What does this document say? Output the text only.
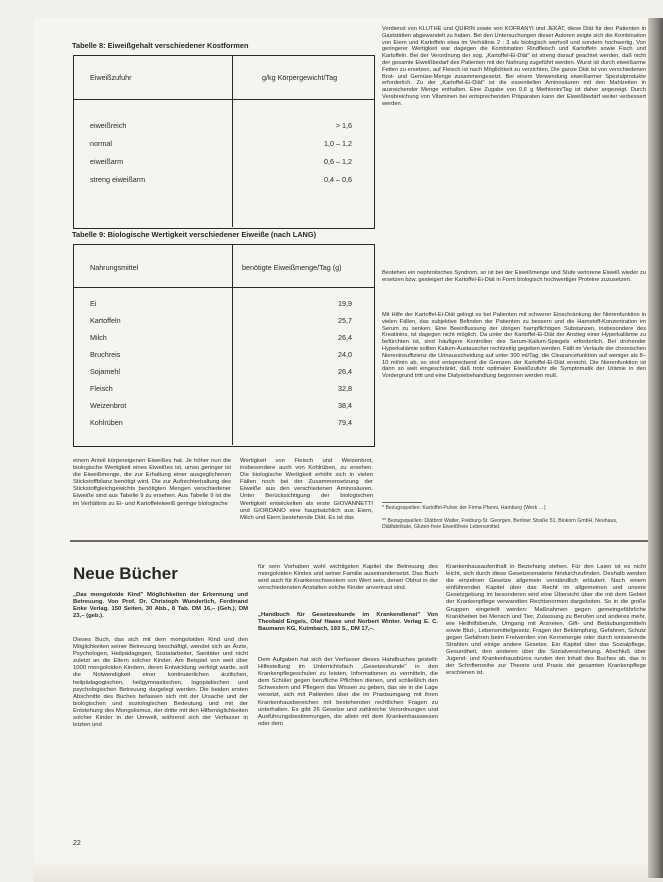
Tabelle 8: Eiweißgehalt verschiedener Kostformen
Eiweißzufuhr	g/kg Körpergewicht/Tag
eiweißreich	> 1,6
normal	1,0 – 1,2
eiweißarm	0,6 – 1,2
streng eiweißarm	0,4 – 0,6
Tabelle 9: Biologische Wertigkeit verschiedener Eiweiße (nach LANG)
Nahrungsmittel	benötigte Eiweißmenge/Tag (g)
Ei	19,9
Kartoffeln	25,7
Milch	26,4
Bruchreis	24,0
Sojamehl	26,4
Fleisch	32,8
Weizenbrot	38,4
Kohlrüben	79,4
einem Anteil körpereigenen Eiweißes hat. Je höher nun die biologische Wertigkeit eines Eiweißes ist, umso geringer ist die Eiweißmenge, die zur Erhaltung einer ausgeglichenen Stickstoffbilanz benötigt wird. Die zur Aufrechterhaltung des Stickstoffgleichgewichts benötigten Mengen verschiedener Eiweiße sind aus Tabelle 9 zu ersehen. Aus Tabelle 9 ist die im Verhältnis zu Ei- und Kartoffeleiweiß geringe biologische
Wertigkeit von Fleisch und Weizenbrot, insbesondere auch von Kohlrüben, zu ersehen. Die biologische Wertigkeit erhöht sich in vielen Fällen noch bei der Zusammensetzung der Eiweiße aus den verschiedenen Aminosäuren. Unter Berücksichtigung der biologischen Wertigkeit entwickelten als erste GIOVANNETTI und GIORDANO eine hauptsächlich aus Eiern, Milch und Eiern bestehende Diät. Es ist das
Verdienst von KLUTHE und QUIRIN sowie von KOFRANYI und JEKAT, diese Diät für den Patienten in Gaststätten abgewandelt zu haben. Bei den Untersuchungen dieser Autoren zeigte sich die Kombination von Eiern und Kartoffeln etwa im Verhältnis 2 : 3 als biologisch wertvoll und sondern hochwertig. Von geringerer Wertigkeit war dagegen die Kombination Rindfleisch und Kartoffeln sowie Fisch und Kartoffeln. Bei der Verordnung der sog. „Kartoffel-Ei-Diät" ist streng darauf geachtet werden, daß nicht der gesamte Eiweißbedarf des Patienten mit der Nahrung zugeführt werden. Wurst ist durch eiweißarme Fetten zu ersetzen, auf Fleisch ist nach Möglichkeit zu verzichten. Die ganze Diät ist von verschiedenen Brot- und Gemüse-Menge zusammengesetzt. Bei einem Verwendung eiweißarmer Spezialprodukte erforderlich. Zu der „Kartoffel-Ei-Diät" ist die essentiellen Aminosäuren mit den Mahlzeiten in ausreichender Menge enthalten. Eine Zugabe von 0,6 g Methionin/Tag ist daher angezeigt. Durch Verabreichung von Vitaminen bei entsprechenden Präparaten kann der Eiweißbedarf weiter verbessert werden.
Bestehen ein nephrotisches Syndrom, so ist bei der Eiweißmenge und Stufe verlorene Eiweiß wieder zu ersetzen bzw. gesteigert der Kartoffel-Ei-Diät in Form biologisch hochwertiger Proteine zuzusetzen.
Mit Hilfe der Kartoffel-Ei-Diät gelingt es bei Patienten mit schwerer Einschränkung der Nierenfunktion in vielen Fällen, das subjektive Befinden der Patienten zu bessern und die Harnstoff-Konzentration im Serum zu senken. Eine Beeinflussung der übrigen harnpflichtigen Substanzen, insbesondere des Kreatinins, ist dagegen nicht möglich. Da unter der Kartoffel-Ei-Diät der Anstieg einer Hyperkaliämie zu befürchten ist, sind häufigere Kontrollen des Serum-Kalium-Spiegels erforderlich. Bei drohender Hyperkaliämie sollten Kalium-Austauscher rechtzeitig gegeben werden. Fällt im Verlaufe der chronischen Niereninsuffizienz die Urinausscheidung auf unter 300 ml/Tag, die Clearancefunktion auf weniger als 8–10 ml/min ab, so sind entsprechend die Grenzen der Kartoffel-Ei-Diät erreicht. Die Nierenfunktion ist dann so weit eingeschränkt, daß trotz optimaler Eiweißzufuhr die Symptomatik der Urämie in den Vordergrund tritt und eine Dialysebehandlung begonnen werden muß.
* Bezugsquellen: Kartoffel-Pulver der Firma Pfanni, Hamburg (Werk …)
** Bezugsquellen: Diätbrot Walter, Freiburg-St. Georgen, Berliner Straße 51, Biokorn GmbH, Neuhaus, Diätfabrikate, Gluten-freie Eiweißfreie Lebensmittel.
Neue Bücher
„Das mongoloide Kind" Möglichkeiten der Erkennung und Betreuung. Von Prof. Dr. Christoph Wunderlich, Ferdinand Enke Verlag. 150 Seiten, 30 Abb., 8 Tab. DM 16,– (Geh.), DM 23,– (geb.).
Dieses Buch, das sich mit dem mongoloiden Kind und den Möglichkeiten seiner Betreuung beschäftigt, wendet sich an Ärzte, Psychologen, Heilpädagogen, Sozialarbeiter, Sanitäter und nicht zuletzt an die Eltern solcher Kinder. Am Beispiel von weit über 1000 mongoloiden Kindern, deren Entwicklung verfolgt wurde, soll die Notwendigkeit einer kontinuierlichen ärztlichen, heilpädagogischen, heilgymnastischen, logopädischen und psychologischen Betreuung dargelegt werden. Die beiden ersten Abschnitte des Buches befassen sich mit der Ursache und der biologischen und soziologischen Bedeutung und mit der Entstehung des Mongolismus, der dritte mit den Hilfsmöglichkeiten solcher Kinder in der Umwelt, während sich der Verfasser in letzten und
für sein Vorhaben wohl wichtigsten Kapitel die Betreuung des mongoloiden Kindes und seiner Familie auseinandersetzt. Das Buch wird auch für Krankenschwestern von Wert sein, denen Obhut in der verschiedensten Anstalten solche Kinder anvertraut sind.
„Handbuch für Gesetzeskunde im Krankendienst" Von Theobald Engels, Olaf Haase und Norbert Winter. Verlag E. C. Baumann KG, Kulmbach, 193 S., DM 17,–.
Dem Aufgaben hat sich der Verfasser dieses Handbuches gestellt: Hilfestellung im Unterrichtsfach „Gesetzeskunde" in den Krankenpflegeschulen zu leisten, Informationen zu vermitteln, die dem Schüler gegen berufliche Pflichten dienen, und schließlich den Schwestern und Pflegern das Wissen zu geben, das sie in die Lage versetzt, sich mit Patienten über die im Praxisumgang mit ihren Krankenhausbereichen mit bestehenden rechtlichen Fragen zu unterhalten. Es gibt 26 Gesetze und zahlreiche Verordnungen und Ausführungsbestimmungen, die allein mit dem Krankenhauswesen oder dem
Krankenhausaufenthalt in Beziehung stehen. Für den Laien ist es nicht leicht, sich durch diese Gesetzesmaterie hindurchzufinden. Deshalb werden die einzelnen Gesetze allgemein verständlich erläutert. Nach einem einführenden Kapitel über das Recht im allgemeinen und unsere Gesetzgebung im besonderen wird eine Übersicht über die mit dem Gebiet der Krankenpflege verwandten Rechtsnormen dargeboten. So in die große Gruppen eingeteilt werden: Maßnahmen gegen gemeingefährliche Krankheiten bei Mensch und Tier, Zulassung zu Berufen und anderes mehr, wie Heilhilfsberufe, Umgang mit Arzneien, Gift- und Betäubungsmitteln sowie Blut-, Lebensmittelgesetz, Fragen der Bekämpfung, Gefahren, Schutz gegen Gefahren beim Freiwerden von Kernenergie oder durch ionisierende Strahlen und einige andere Gesetze. Ein Kapitel über das Sozialpflege, Gesundheit, den anderen über die Sozialversicherung. Abschluß über Jugend- und Krankenhausbüros runden den Inhalt des Buches ab, das in der Schriftenreihe zur Theorie und Praxis der gesamten Krankenpflege erschienen ist.
22
